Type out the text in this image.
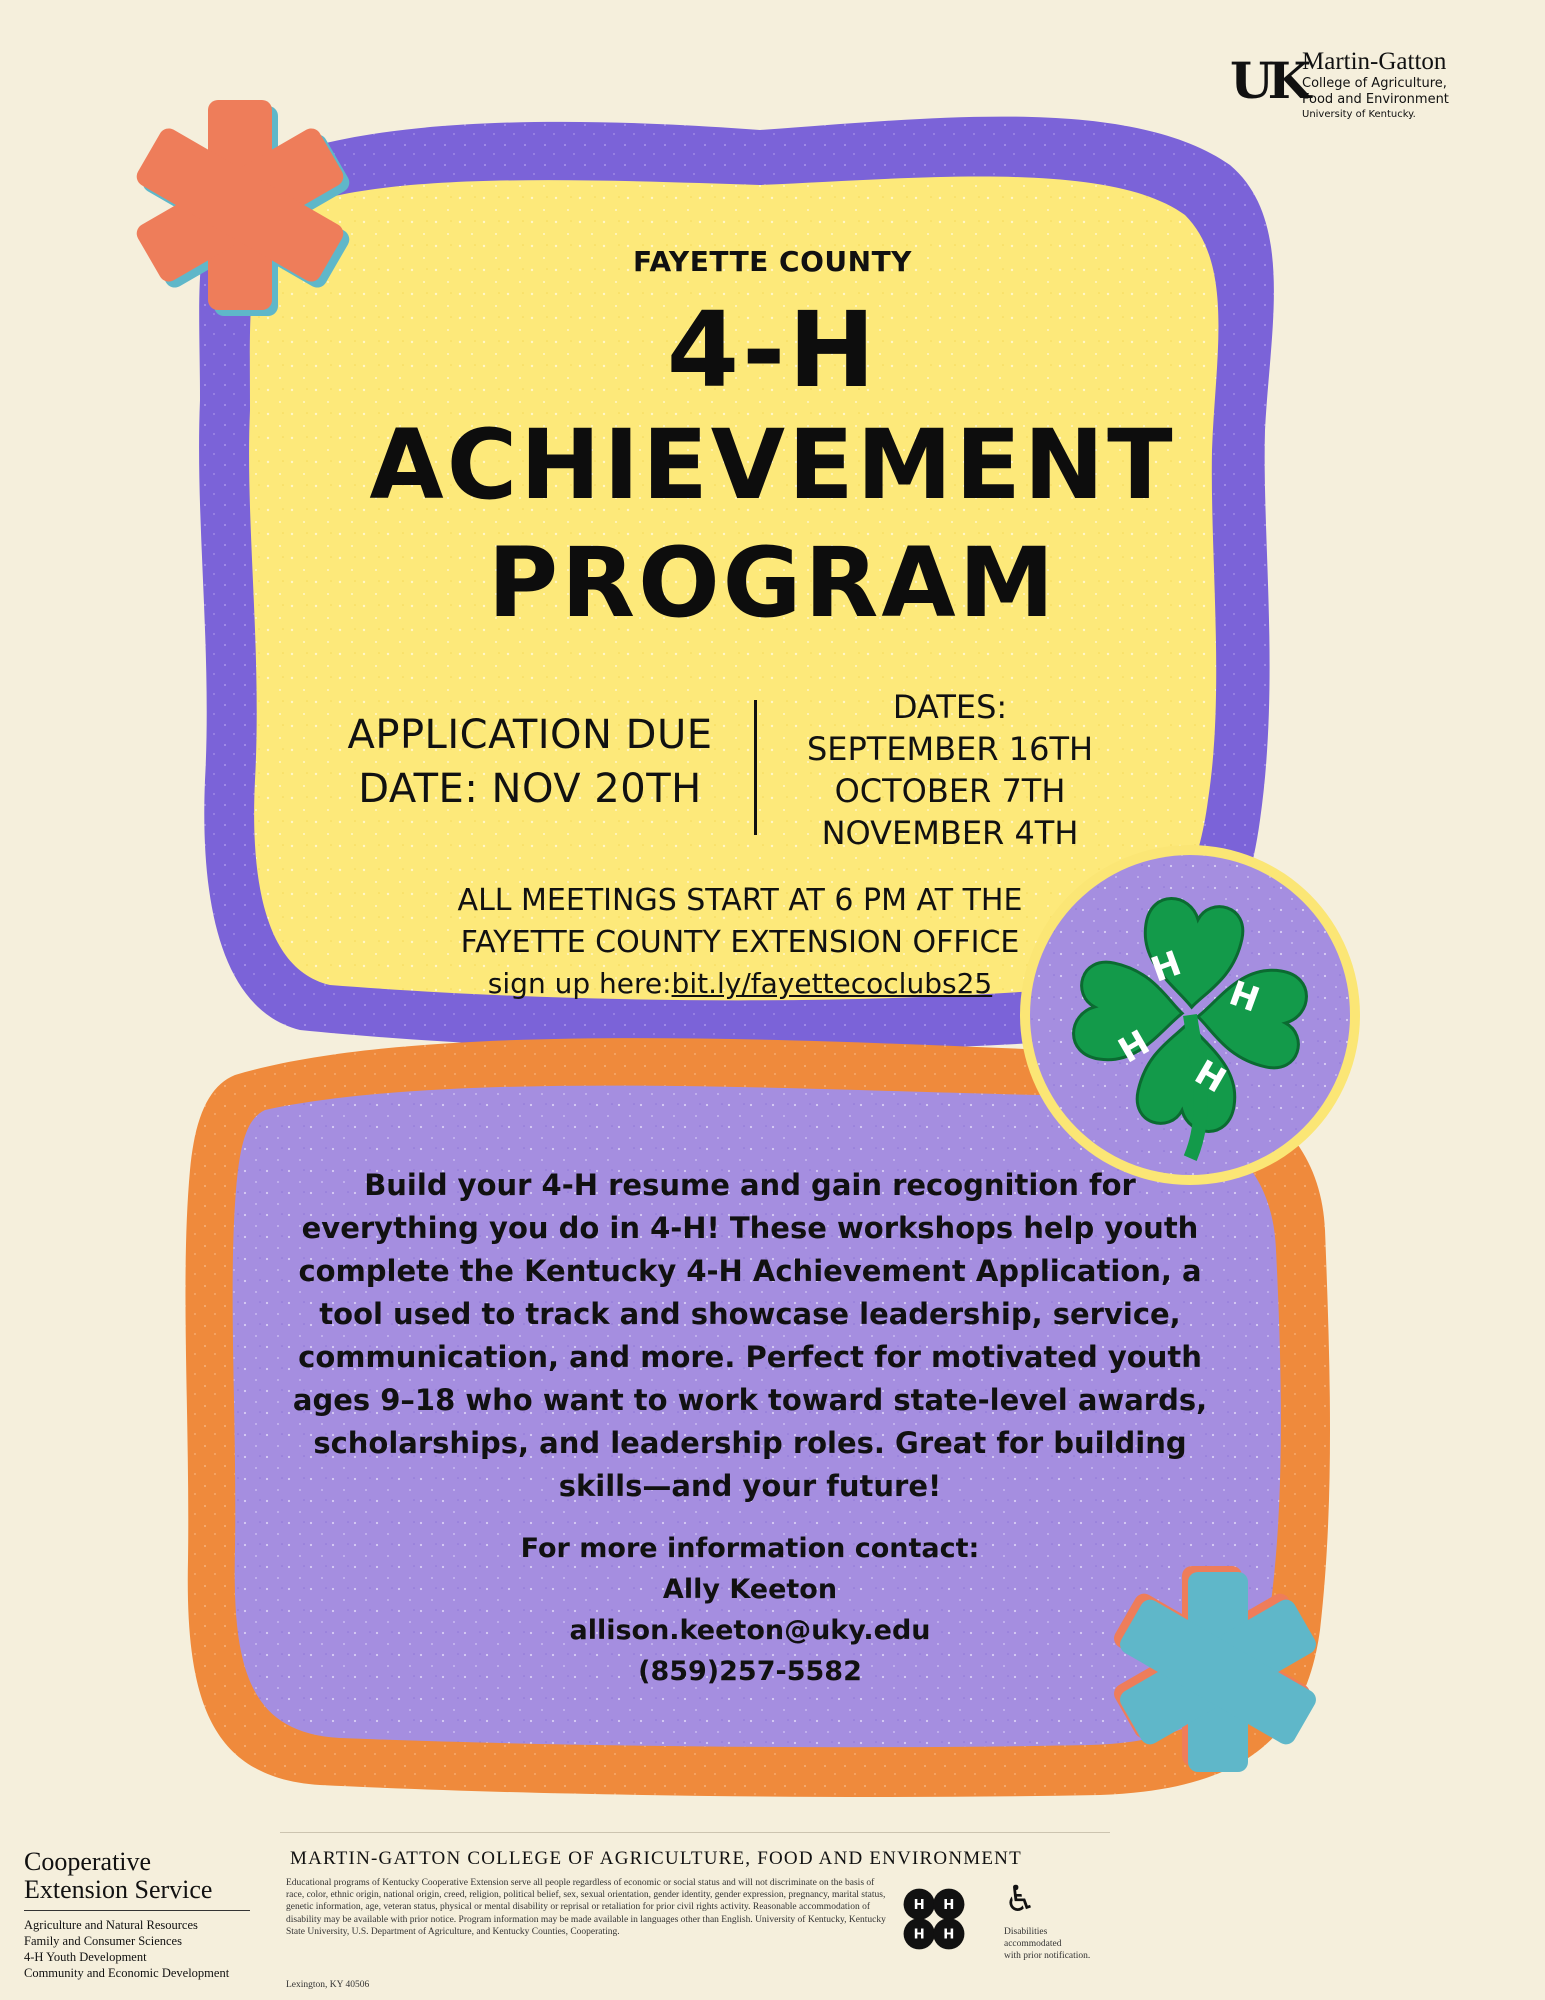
H
H
H
H
UK
Martin-Gatton
College of Agriculture,
Food and Environment
University of Kentucky.
FAYETTE COUNTY
4-H
ACHIEVEMENT
PROGRAM
APPLICATION DUE
DATE: NOV 20TH
DATES:
SEPTEMBER 16TH
OCTOBER 7TH
NOVEMBER 4TH
ALL MEETINGS START AT 6 PM AT THE
FAYETTE COUNTY EXTENSION OFFICE
sign up here:bit.ly/fayettecoclubs25
Build your 4-H resume and gain recognition for
everything you do in 4-H! These workshops help youth
complete the Kentucky 4-H Achievement Application, a
tool used to track and showcase leadership, service,
communication, and more. Perfect for motivated youth
ages 9–18 who want to work toward state-level awards,
scholarships, and leadership roles. Great for building
skills—and your future!
For more information contact:
Ally Keeton
allison.keeton@uky.edu
(859)257-5582
Cooperative
Extension Service
Agriculture and Natural Resources
Family and Consumer Sciences
4-H Youth Development
Community and Economic Development
MARTIN-GATTON COLLEGE OF AGRICULTURE, FOOD AND ENVIRONMENT
Educational programs of Kentucky Cooperative Extension serve all people regardless of economic or social status and will not discriminate on the basis of race, color, ethnic origin, national origin, creed, religion, political belief, sex, sexual orientation, gender identity, gender expression, pregnancy, marital status, genetic information, age, veteran status, physical or mental disability or reprisal or retaliation for prior civil rights activity. Reasonable accommodation of disability may be available with prior notice. Program information may be made available in languages other than English. University of Kentucky, Kentucky State University, U.S. Department of Agriculture, and Kentucky Counties, Cooperating.
Lexington, KY 40506
H H
H H
♿
Disabilities
accommodated
with prior notification.
